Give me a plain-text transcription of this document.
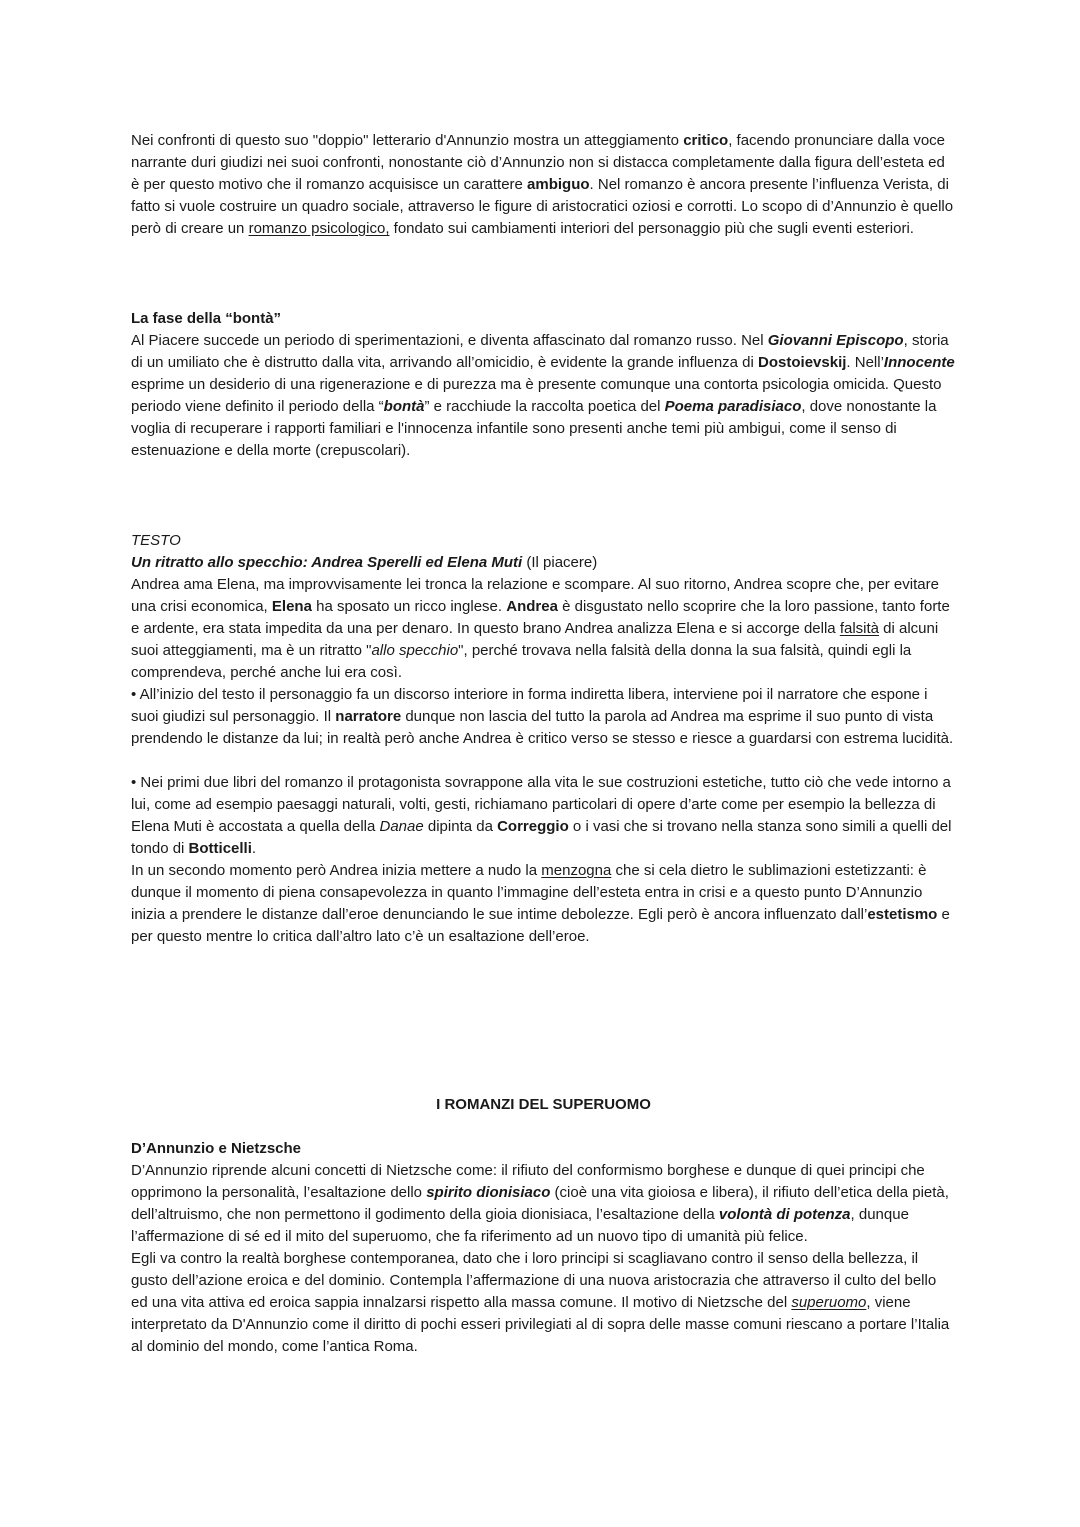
Nei confronti di questo suo "doppio" letterario d'Annunzio mostra un atteggiamento critico, facendo pronunciare dalla voce narrante duri giudizi nei suoi confronti, nonostante ciò d’Annunzio non si distacca completamente dalla figura dell’esteta ed è per questo motivo che il romanzo acquisisce un carattere ambiguo. Nel romanzo è ancora presente l’influenza Verista, di fatto si vuole costruire un quadro sociale, attraverso le figure di aristocratici oziosi e corrotti. Lo scopo di d’Annunzio è quello però di creare un romanzo psicologico, fondato sui cambiamenti interiori del personaggio più che sugli eventi esteriori.

La fase della “bontà”

Al Piacere succede un periodo di sperimentazioni, e diventa affascinato dal romanzo russo. Nel Giovanni Episcopo, storia di un umiliato che è distrutto dalla vita, arrivando all’omicidio, è evidente la grande influenza di Dostoievskij. Nell’Innocente esprime un desiderio di una rigenerazione e di purezza ma è presente comunque una contorta psicologia omicida. Questo periodo viene definito il periodo della “bontà” e racchiude la raccolta poetica del Poema paradisiaco, dove nonostante la voglia di recuperare i rapporti familiari e l'innocenza infantile sono presenti anche temi più ambigui, come il senso di estenuazione e della morte (crepuscolari).

TESTO

Un ritratto allo specchio: Andrea Sperelli ed Elena Muti (Il piacere)

Andrea ama Elena, ma improvvisamente lei tronca la relazione e scompare. Al suo ritorno, Andrea scopre che, per evitare una crisi economica, Elena ha sposato un ricco inglese. Andrea è disgustato nello scoprire che la loro passione, tanto forte e ardente, era stata impedita da una per denaro. In questo brano Andrea analizza Elena e si accorge della falsità di alcuni suoi atteggiamenti, ma è un ritratto "allo specchio", perché trovava nella falsità della donna la sua falsità, quindi egli la comprendeva, perché anche lui era così.

• All’inizio del testo il personaggio fa un discorso interiore in forma indiretta libera, interviene poi il narratore che espone i suoi giudizi sul personaggio. Il narratore dunque non lascia del tutto la parola ad Andrea ma esprime il suo punto di vista prendendo le distanze da lui; in realtà però anche Andrea è critico verso se stesso e riesce a guardarsi con estrema lucidità.

• Nei primi due libri del romanzo il protagonista sovrappone alla vita le sue costruzioni estetiche, tutto ciò che vede intorno a lui, come ad esempio paesaggi naturali, volti, gesti, richiamano particolari di opere d’arte come per esempio la bellezza di Elena Muti è accostata a quella della Danae dipinta da Correggio o i vasi che si trovano nella stanza sono simili a quelli del tondo di Botticelli.

In un secondo momento però Andrea inizia mettere a nudo la menzogna che si cela dietro le sublimazioni estetizzanti: è dunque il momento di piena consapevolezza in quanto l’immagine dell’esteta entra in crisi e a questo punto D’Annunzio inizia a prendere le distanze dall’eroe denunciando le sue intime debolezze. Egli però è ancora influenzato dall’estetismo e per questo mentre lo critica dall’altro lato c’è un esaltazione dell’eroe.

I ROMANZI DEL SUPERUOMO

D’Annunzio e Nietzsche

D’Annunzio riprende alcuni concetti di Nietzsche come: il rifiuto del conformismo borghese e dunque di quei principi che opprimono la personalità, l’esaltazione dello spirito dionisiaco (cioè una vita gioiosa e libera), il rifiuto dell’etica della pietà, dell’altruismo, che non permettono il godimento della gioia dionisiaca, l’esaltazione della volontà di potenza, dunque l’affermazione di sé ed il mito del superuomo, che fa riferimento ad un nuovo tipo di umanità più felice.

Egli va contro la realtà borghese contemporanea, dato che i loro principi si scagliavano contro il senso della bellezza, il gusto dell’azione eroica e del dominio. Contempla l’affermazione di una nuova aristocrazia che attraverso il culto del bello ed una vita attiva ed eroica sappia innalzarsi rispetto alla massa comune. Il motivo di Nietzsche del superuomo, viene interpretato da D'Annunzio come il diritto di pochi esseri privilegiati al di sopra delle masse comuni riescano a portare l’Italia al dominio del mondo, come l’antica Roma.
